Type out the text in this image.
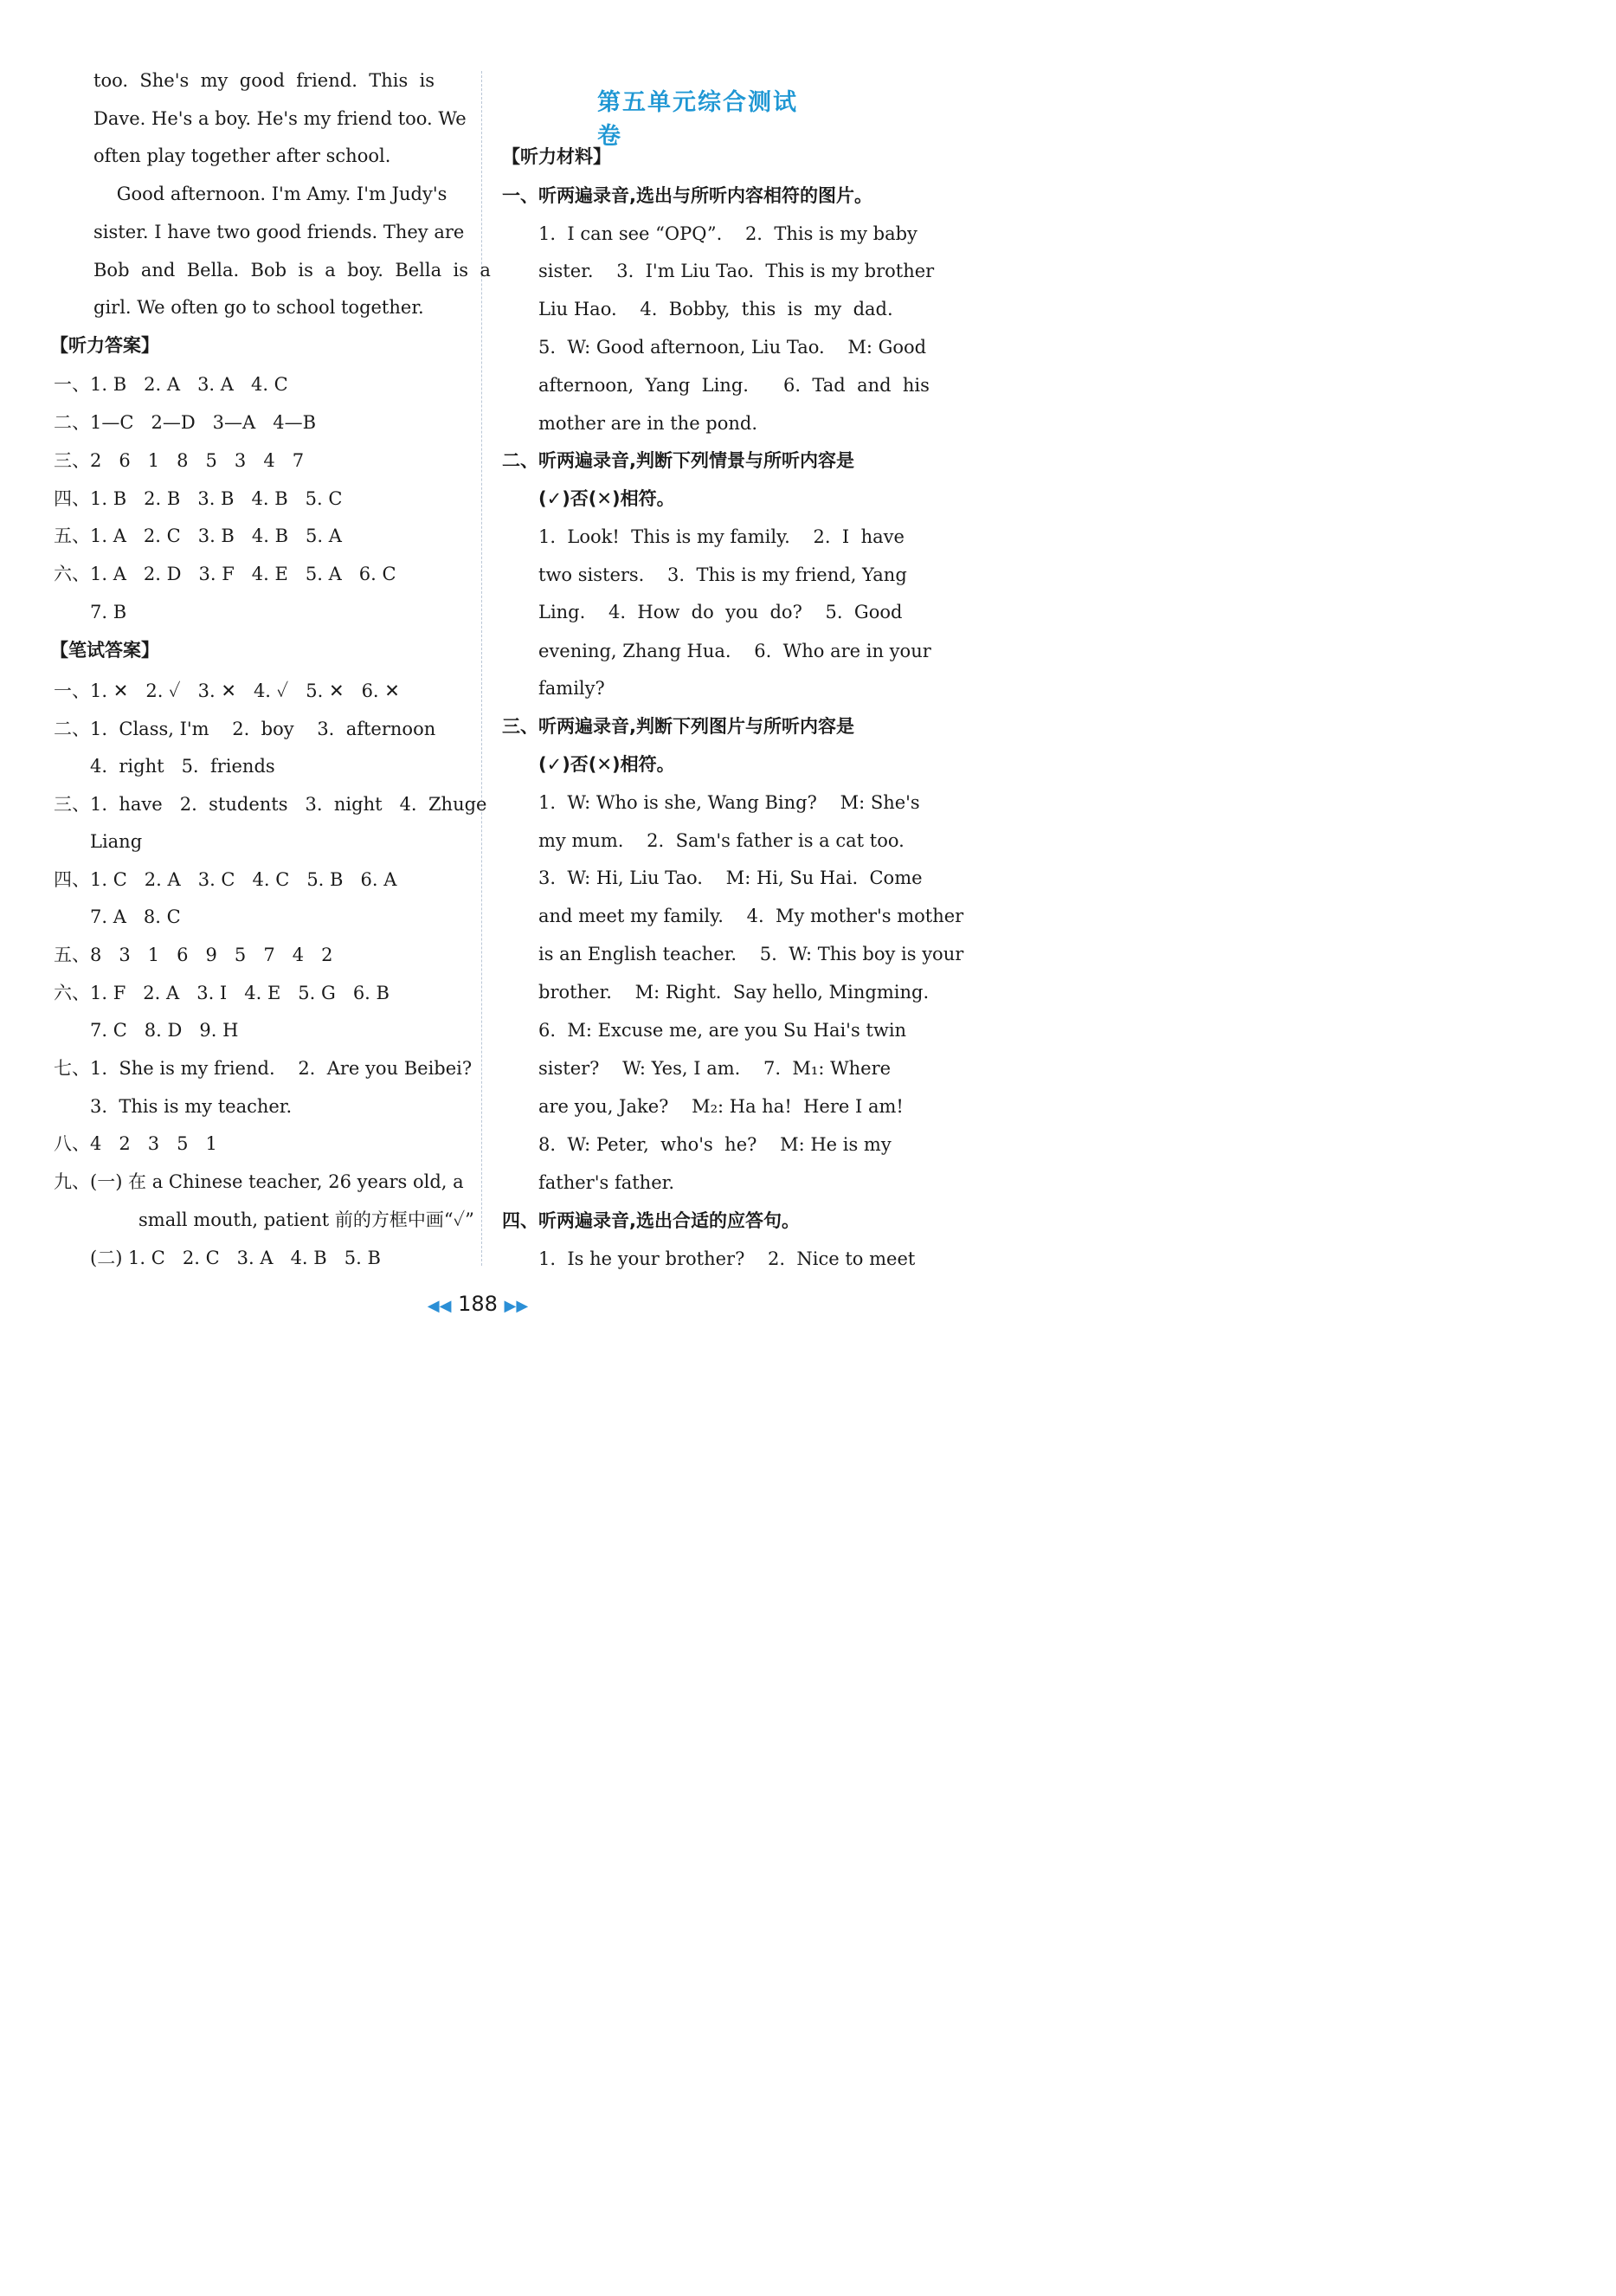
too.  She's  my  good  friend.  This  is
Dave. He's a boy. He's my friend too. We
often play together after school.
Good afternoon. I'm Amy. I'm Judy's
sister. I have two good friends. They are
Bob  and  Bella.  Bob  is  a  boy.  Bella  is  a
girl. We often go to school together.
【听力答案】
一、1. B   2. A   3. A   4. C
二、1—C   2—D   3—A   4—B
三、2   6   1   8   5   3   4   7
四、1. B   2. B   3. B   4. B   5. C
五、1. A   2. C   3. B   4. B   5. A
六、1. A   2. D   3. F   4. E   5. A   6. C
7. B
【笔试答案】
一、1. ✕   2. ✓   3. ✕   4. ✓   5. ✕   6. ✕
二、1.  Class, I'm    2.  boy    3.  afternoon
4.  right   5.  friends
三、1.  have   2.  students   3.  night   4.  Zhuge
Liang
四、1. C   2. A   3. C   4. C   5. B   6. A
7. A   8. C
五、8   3   1   6   9   5   7   4   2
六、1. F   2. A   3. I   4. E   5. G   6. B
7. C   8. D   9. H
七、1.  She is my friend.    2.  Are you Beibei?
3.  This is my teacher.
八、4   2   3   5   1
九、(一) 在 a Chinese teacher, 26 years old, a
small mouth, patient 前的方框中画“✓”
(二) 1. C   2. C   3. A   4. B   5. B
第五单元综合测试卷
【听力材料】
一、听两遍录音,选出与所听内容相符的图片。
1.  I can see “OPQ”.    2.  This is my baby
sister.    3.  I'm Liu Tao.  This is my brother
Liu Hao.    4.  Bobby,  this  is  my  dad.
5.  W: Good afternoon, Liu Tao.    M: Good
afternoon,  Yang  Ling.      6.  Tad  and  his
mother are in the pond.
二、听两遍录音,判断下列情景与所听内容是
(✓)否(✕)相符。
1.  Look!  This is my family.    2.  I  have
two sisters.    3.  This is my friend, Yang
Ling.    4.  How  do  you  do?    5.  Good
evening, Zhang Hua.    6.  Who are in your
family?
三、听两遍录音,判断下列图片与所听内容是
(✓)否(✕)相符。
1.  W: Who is she, Wang Bing?    M: She's
my mum.    2.  Sam's father is a cat too.
3.  W: Hi, Liu Tao.    M: Hi, Su Hai.  Come
and meet my family.    4.  My mother's mother
is an English teacher.    5.  W: This boy is your
brother.    M: Right.  Say hello, Mingming.
6.  M: Excuse me, are you Su Hai's twin
sister?    W: Yes, I am.    7.  M₁: Where
are you, Jake?    M₂: Ha ha!  Here I am!
8.  W: Peter,  who's  he?    M: He is my
father's father.
四、听两遍录音,选出合适的应答句。
1.  Is he your brother?    2.  Nice to meet
◀◀ 188 ▶▶
